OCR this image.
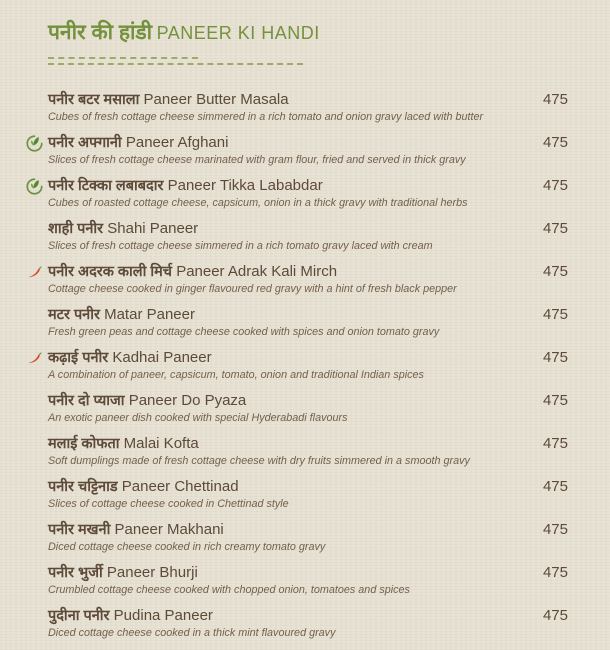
पनीर की हांडी PANEER KI HANDI
पनीर बटर मसाला Paneer Butter Masala	475
Cubes of fresh cottage cheese simmered in a rich tomato and onion gravy laced with butter
पनीर अफ्गानी Paneer Afghani	475
Slices of fresh cottage cheese marinated with gram flour, fried and served in thick gravy
पनीर टिक्का लबाबदार Paneer Tikka Lababdar	475
Cubes of roasted cottage cheese, capsicum, onion in a thick gravy with traditional herbs
शाही पनीर Shahi Paneer	475
Slices of fresh cottage cheese simmered in a rich tomato gravy laced with cream
पनीर अदरक काली मिर्च Paneer Adrak Kali Mirch	475
Cottage cheese cooked in ginger flavoured red gravy with a hint of fresh black pepper
मटर पनीर Matar Paneer	475
Fresh green peas and cottage cheese cooked with spices and onion tomato gravy
कढ़ाई पनीर Kadhai Paneer	475
A combination of paneer, capsicum, tomato, onion and traditional Indian spices
पनीर दो प्याजा Paneer Do Pyaza	475
An exotic paneer dish cooked with special Hyderabadi flavours
मलाई कोफता Malai Kofta	475
Soft dumplings made of fresh cottage cheese with dry fruits simmered in a smooth gravy
पनीर चट्टिनाड Paneer Chettinad	475
Slices of cottage cheese cooked in Chettinad style
पनीर मखनी Paneer Makhani	475
Diced cottage cheese cooked in rich creamy tomato gravy
पनीर भुर्जी Paneer Bhurji	475
Crumbled cottage cheese cooked with chopped onion, tomatoes and spices
पुदीना पनीर Pudina Paneer	475
Diced cottage cheese cooked in a thick mint flavoured gravy
